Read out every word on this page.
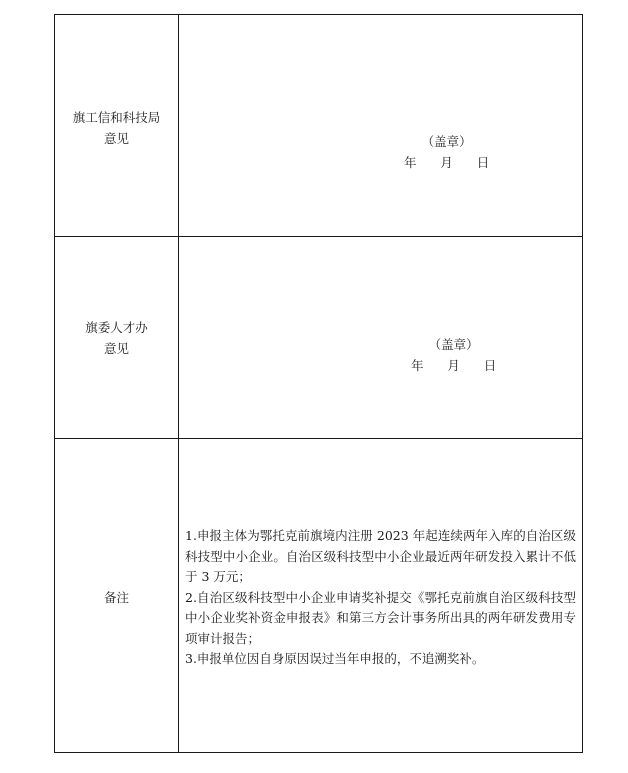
旗工信和科技局
意见	（盖章）
年 月 日

旗委人才办
意见	（盖章）
年 月 日

备注	1.申报主体为鄂托克前旗境内注册 2023 年起连续两年入库的自治区级科技型中小企业。自治区级科技型中小企业最近两年研发投入累计不低于 3 万元；

2.自治区级科技型中小企业申请奖补提交《鄂托克前旗自治区级科技型中小企业奖补资金申报表》和第三方会计事务所出具的两年研发费用专项审计报告；

3.申报单位因自身原因误过当年申报的，不追溯奖补。
